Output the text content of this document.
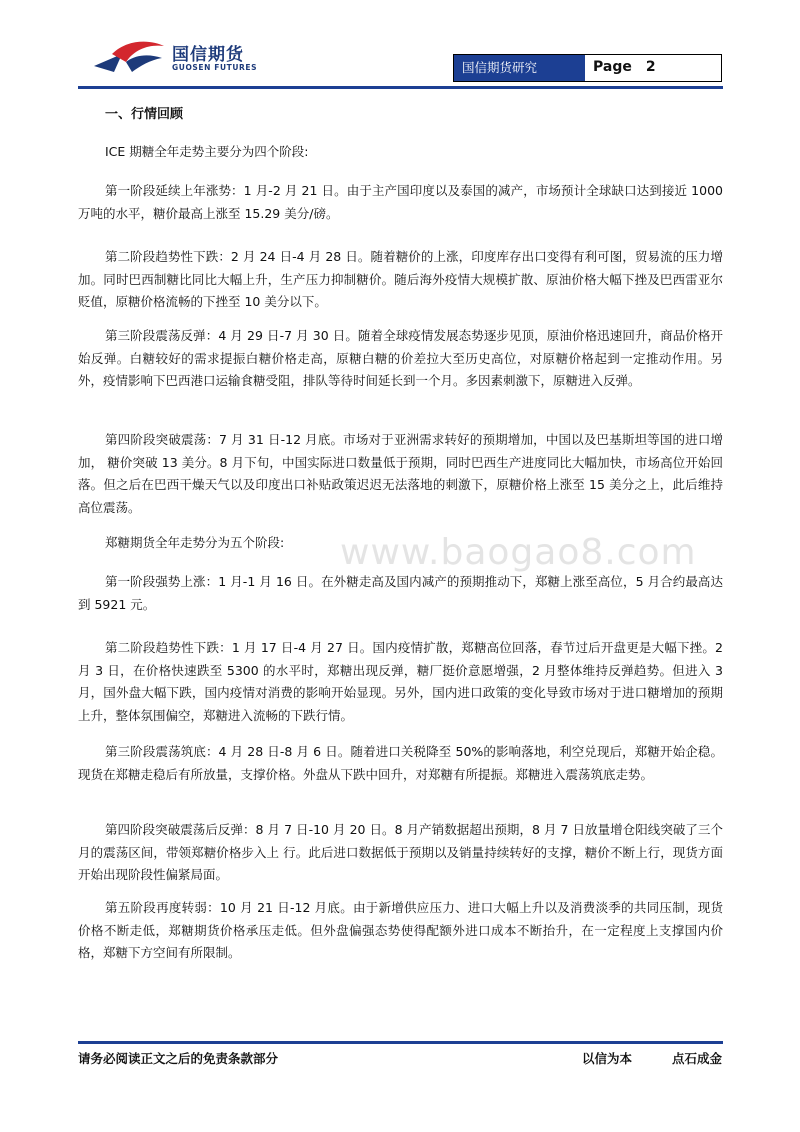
国信期货
GUOSEN FUTURES	国信期货研究	Page 2
www.baogao8.com
一、行情回顾

ICE 期糖全年走势主要分为四个阶段:

第一阶段延续上年涨势：1 月-2 月 21 日。由于主产国印度以及泰国的减产，市场预计全球缺口达到接近 1000 万吨的水平，糖价最高上涨至 15.29 美分/磅。

第二阶段趋势性下跌：2 月 24 日-4 月 28 日。随着糖价的上涨，印度库存出口变得有利可图，贸易流的压力增加。同时巴西制糖比同比大幅上升，生产压力抑制糖价。随后海外疫情大规模扩散、原油价格大幅下挫及巴西雷亚尔贬值，原糖价格流畅的下挫至 10 美分以下。

第三阶段震荡反弹：4 月 29 日-7 月 30 日。随着全球疫情发展态势逐步见顶，原油价格迅速回升，商品价格开始反弹。白糖较好的需求提振白糖价格走高，原糖白糖的价差拉大至历史高位，对原糖价格起到一定推动作用。另外，疫情影响下巴西港口运输食糖受阻，排队等待时间延长到一个月。多因素刺激下，原糖进入反弹。

第四阶段突破震荡：7 月 31 日-12 月底。市场对于亚洲需求转好的预期增加，中国以及巴基斯坦等国的进口增加， 糖价突破 13 美分。8 月下旬，中国实际进口数量低于预期，同时巴西生产进度同比大幅加快，市场高位开始回落。但之后在巴西干燥天气以及印度出口补贴政策迟迟无法落地的刺激下，原糖价格上涨至 15 美分之上，此后维持高位震荡。

郑糖期货全年走势分为五个阶段:

第一阶段强势上涨：1 月-1 月 16 日。在外糖走高及国内减产的预期推动下，郑糖上涨至高位，5 月合约最高达到 5921 元。

第二阶段趋势性下跌：1 月 17 日-4 月 27 日。国内疫情扩散，郑糖高位回落，春节过后开盘更是大幅下挫。2 月 3 日，在价格快速跌至 5300 的水平时，郑糖出现反弹，糖厂挺价意愿增强，2 月整体维持反弹趋势。但进入 3 月，国外盘大幅下跌，国内疫情对消费的影响开始显现。另外，国内进口政策的变化导致市场对于进口糖增加的预期上升，整体氛围偏空，郑糖进入流畅的下跌行情。

第三阶段震荡筑底：4 月 28 日-8 月 6 日。随着进口关税降至 50%的影响落地，利空兑现后，郑糖开始企稳。现货在郑糖走稳后有所放量，支撑价格。外盘从下跌中回升，对郑糖有所提振。郑糖进入震荡筑底走势。

第四阶段突破震荡后反弹：8 月 7 日-10 月 20 日。8 月产销数据超出预期，8 月 7 日放量增仓阳线突破了三个月的震荡区间，带领郑糖价格步入上 行。此后进口数据低于预期以及销量持续转好的支撑，糖价不断上行，现货方面开始出现阶段性偏紧局面。

第五阶段再度转弱：10 月 21 日-12 月底。由于新增供应压力、进口大幅上升以及消费淡季的共同压制，现货价格不断走低，郑糖期货价格承压走低。但外盘偏强态势使得配额外进口成本不断抬升，在一定程度上支撑国内价格，郑糖下方空间有所限制。

请务必阅读正文之后的免责条款部分	以信为本	点石成金
